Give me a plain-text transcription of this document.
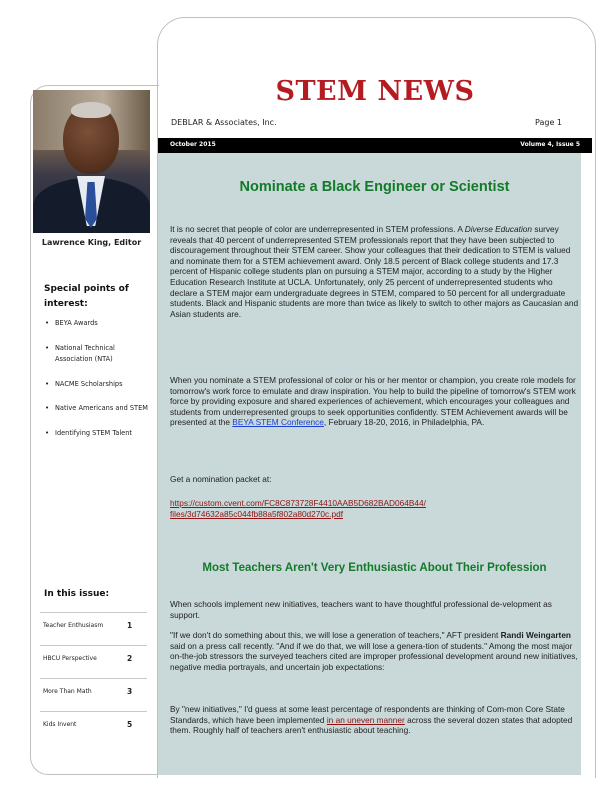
Lawrence King, Editor
Special points of interest:
• BEYA Awards
• National Technical Association (NTA)
• NACME Scholarships
• Native Americans and STEM
• Identifying STEM Talent
In this issue:
Teacher Enthusiasm	1
HBCU Perspective	2
More Than Math	3
Kids Invent	5
STEM NEWS
DEBLAR & Associates, Inc.	Page 1
October 2015	Volume 4, Issue 5
Nominate a Black Engineer or Scientist

It is no secret that people of color are underrepresented in STEM professions. A Diverse Education survey reveals that 40 percent of underrepresented STEM professionals report that they have been subjected to discouragement throughout their STEM career. Show your colleagues that their dedication to STEM is valued and nominate them for a STEM achievement award. Only 18.5 percent of Black college students and 17.3 percent of Hispanic college students plan on pursuing a STEM major, according to a study by the Higher Education Research Institute at UCLA. Unfortunately, only 25 percent of underrepresented students who declare a STEM major earn undergraduate degrees in STEM, compared to 50 percent for all undergraduate students. Black and Hispanic students are more than twice as likely to switch to other majors as Caucasian and Asian students are.

When you nominate a STEM professional of color or his or her mentor or champion, you create role models for tomorrow's work force to emulate and draw inspiration. You help to build the pipeline of tomorrow's STEM work force by providing exposure and shared experiences of achievement, which encourages your colleagues and students from underrepresented groups to seek opportunities confidently. STEM Achievement awards will be presented at the BEYA STEM Conference, February 18-20, 2016, in Philadelphia, PA.

Get a nomination packet at:

https://custom.cvent.com/FC8C873728F4410AAB5D682BAD064B44/
files/3d74632a85c044fb88a5f802a80d270c.pdf

Most Teachers Aren't Very Enthusiastic About Their Profession

When schools implement new initiatives, teachers want to have thoughtful professional de-velopment as support.

"If we don't do something about this, we will lose a generation of teachers," AFT president Randi Weingarten said on a press call recently. "And if we do that, we will lose a genera-tion of students." Among the most major on-the-job stressors the surveyed teachers cited are improper professional development around new initiatives, negative media portrayals, and uncertain job expectations:

By "new initiatives," I'd guess at some least percentage of respondents are thinking of Com-mon Core State Standards, which have been implemented in an uneven manner across the several dozen states that adopted them. Roughly half of teachers aren't enthusiastic about teaching.
